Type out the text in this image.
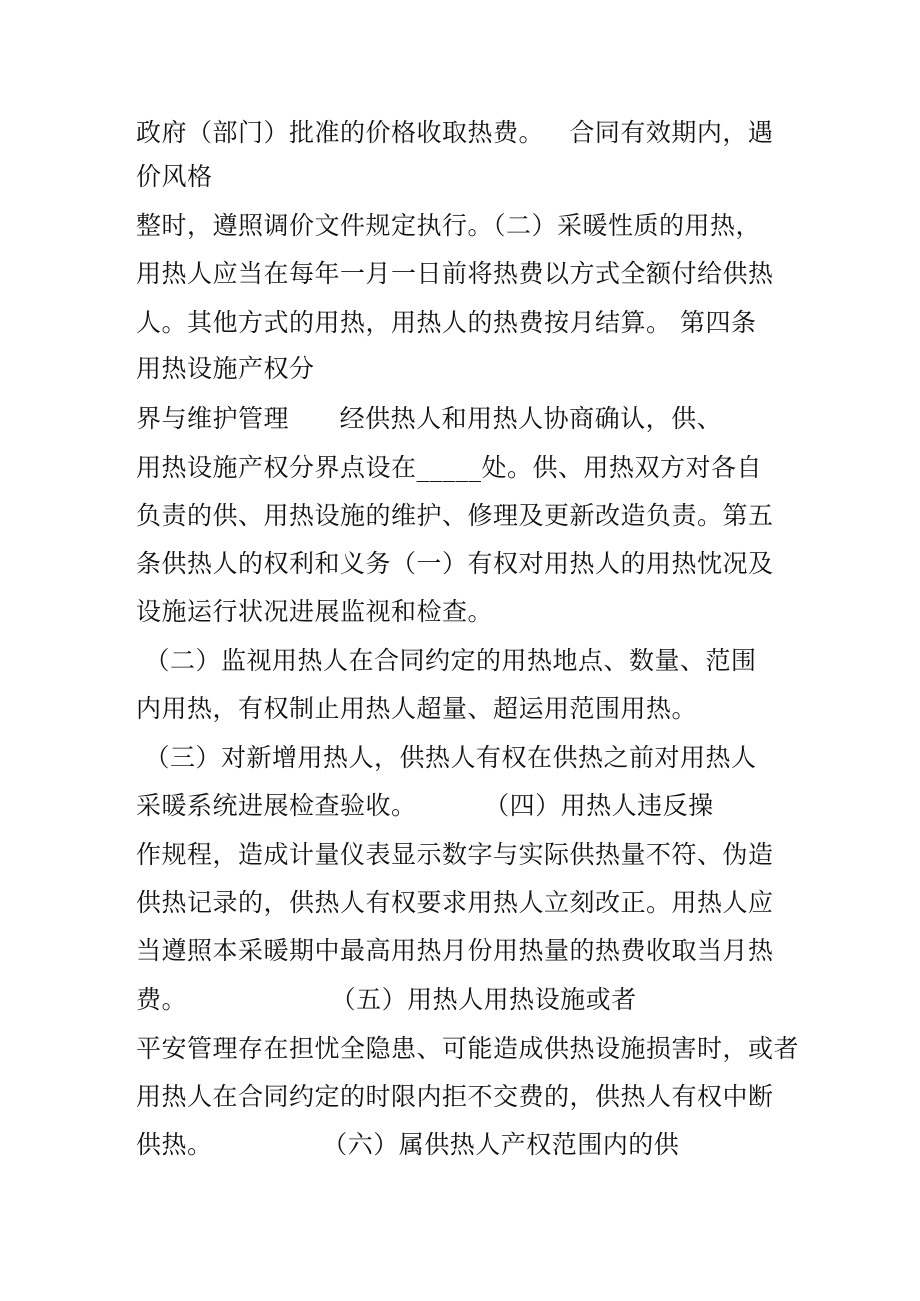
政府（部门）批准的价格收取热费。   合同有效期内，遇
价风格
整时，遵照调价文件规定执行。（二）采暖性质的用热，
用热人应当在每年一月一日前将热费以方式全额付给供热
人。其他方式的用热，用热人的热费按月结算。 第四条
用热设施产权分
界与维护管理      经供热人和用热人协商确认，供、
用热设施产权分界点设在_____处。供、用热双方对各自
负责的供、用热设施的维护、修理及更新改造负责。第五
条供热人的权利和义务（一）有权对用热人的用热忱况及
设施运行状况进展监视和检查。
（二）监视用热人在合同约定的用热地点、数量、范围
内用热，有权制止用热人超量、超运用范围用热。
（三）对新增用热人，供热人有权在供热之前对用热人
采暖系统进展检查验收。        （四）用热人违反操
作规程，造成计量仪表显示数字与实际供热量不符、伪造
供热记录的，供热人有权要求用热人立刻改正。用热人应
当遵照本采暖期中最高用热月份用热量的热费收取当月热
费。                 （五）用热人用热设施或者
平安管理存在担忧全隐患、可能造成供热设施损害时，或者
用热人在合同约定的时限内拒不交费的，供热人有权中断
供热。             （六）属供热人产权范围内的供
